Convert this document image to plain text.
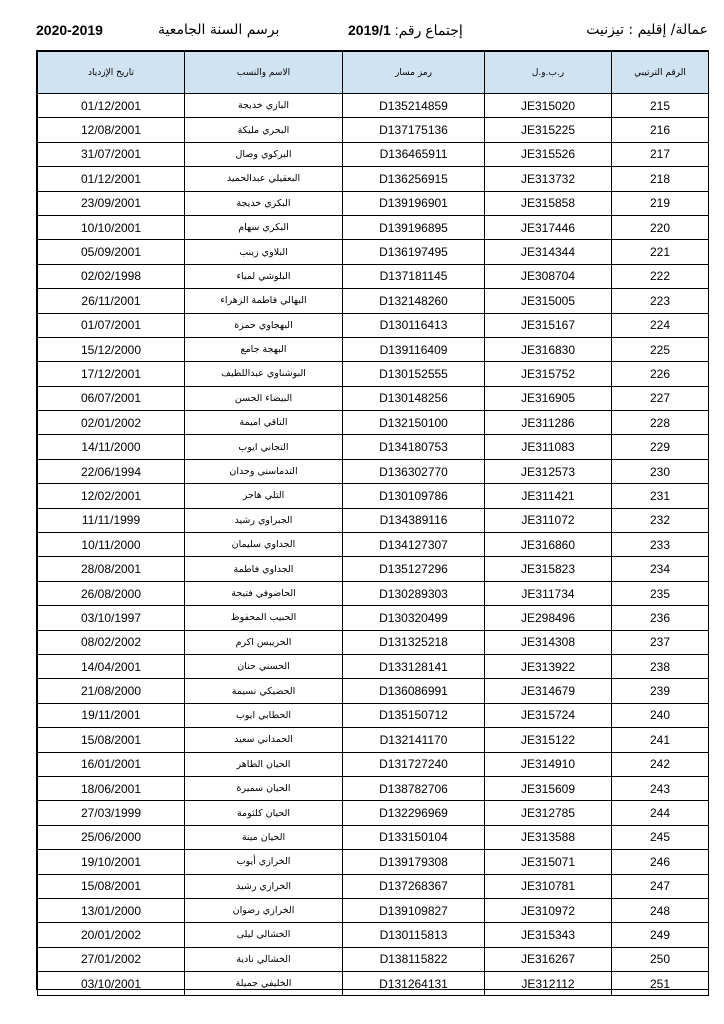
2020-2019	برسم السنة الجامعية	إجتماع رقم: 2019/1	عمالة/ إقليم : تيزنيت
تاريخ الإزدياد	الاسم والنسب	رمز مسار	ر.ب.و.ل	الرقم الترتيبي
01/12/2001	البازي خديجة	D135214859	JE315020	215
12/08/2001	البحري مليكة	D137175136	JE315225	216
31/07/2001	البركوي وصال	D136465911	JE315526	217
01/12/2001	البعقيلي عبدالحميد	D136256915	JE313732	218
23/09/2001	البكري خديجة	D139196901	JE315858	219
10/10/2001	البكري سهام	D139196895	JE317446	220
05/09/2001	البلاوي زينب	D136197495	JE314344	221
02/02/1998	البلوشي لمياء	D137181145	JE308704	222
26/11/2001	البهالي فاطمة الزهراء	D132148260	JE315005	223
01/07/2001	البهجاوي حمزة	D130116413	JE315167	224
15/12/2000	البهجة جامع	D139116409	JE316830	225
17/12/2001	البوشناوي عبداللطيف	D130152555	JE315752	226
06/07/2001	البيضاء الحسن	D130148256	JE316905	227
02/01/2002	التاقي اميمة	D132150100	JE311286	228
14/11/2000	التجاني ايوب	D134180753	JE311083	229
22/06/1994	التدماسني وجدان	D136302770	JE312573	230
12/02/2001	التلي هاجر	D130109786	JE311421	231
11/11/1999	الجبراوي رشيد	D134389116	JE311072	232
10/11/2000	الجداوي سليمان	D134127307	JE316860	233
28/08/2001	الجداوي فاطمة	D135127296	JE315823	234
26/08/2000	الحاضوفي فتيحة	D130289303	JE311734	235
03/10/1997	الحبيب المحفوظ	D130320499	JE298496	236
08/02/2002	الحريبس اكرم	D131325218	JE314308	237
14/04/2001	الحسني حنان	D133128141	JE313922	238
21/08/2000	الحضيكي نسيمة	D136086991	JE314679	239
19/11/2001	الحطابي ايوب	D135150712	JE315724	240
15/08/2001	الحمداني سعيد	D132141170	JE315122	241
16/01/2001	الحيان الطاهر	D131727240	JE314910	242
18/06/2001	الحيان سميرة	D138782706	JE315609	243
27/03/1999	الحيان كلثومة	D132296969	JE312785	244
25/06/2000	الحيان مينة	D133150104	JE313588	245
19/10/2001	الخرازي أيوب	D139179308	JE315071	246
15/08/2001	الخرازي رشيد	D137268367	JE310781	247
13/01/2000	الخرازي رضوان	D139109827	JE310972	248
20/01/2002	الخشالي ليلى	D130115813	JE315343	249
27/01/2002	الخشالي نادية	D138115822	JE316267	250
03/10/2001	الخليفي جميلة	D131264131	JE312112	251
